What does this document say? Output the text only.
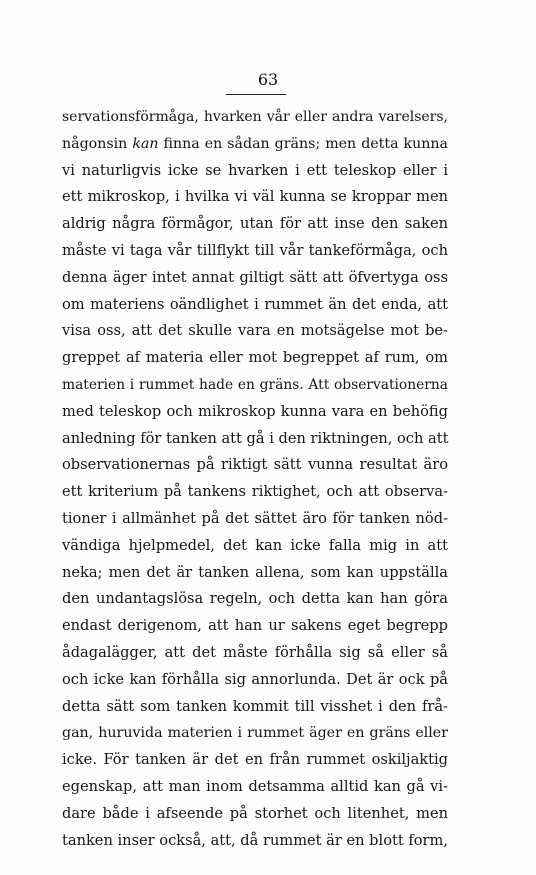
63
servationsförmåga, hvarken vår eller andra varelsers,
någonsin kan finna en sådan gräns; men detta kunna
vi naturligvis icke se hvarken i ett teleskop eller i
ett mikroskop, i hvilka vi väl kunna se kroppar men
aldrig några förmågor, utan för att inse den saken
måste vi taga vår tillflykt till vår tankeförmåga, och
denna äger intet annat giltigt sätt att öfvertyga oss
om materiens oändlighet i rummet än det enda, att
visa oss, att det skulle vara en motsägelse mot be-
greppet af materia eller mot begreppet af rum, om
materien i rummet hade en gräns. Att observationerna
med teleskop och mikroskop kunna vara en behöfig
anledning för tanken att gå i den riktningen, och att
observationernas på riktigt sätt vunna resultat äro
ett kriterium på tankens riktighet, och att observa-
tioner i allmänhet på det sättet äro för tanken nöd-
vändiga hjelpmedel, det kan icke falla mig in att
neka; men det är tanken allena, som kan uppställa
den undantagslösa regeln, och detta kan han göra
endast derigenom, att han ur sakens eget begrepp
ådagalägger, att det måste förhålla sig så eller så
och icke kan förhålla sig annorlunda. Det är ock på
detta sätt som tanken kommit till visshet i den frå-
gan, huruvida materien i rummet äger en gräns eller
icke. För tanken är det en från rummet oskiljaktig
egenskap, att man inom detsamma alltid kan gå vi-
dare både i afseende på storhet och litenhet, men
tanken inser också, att, då rummet är en blott form,
